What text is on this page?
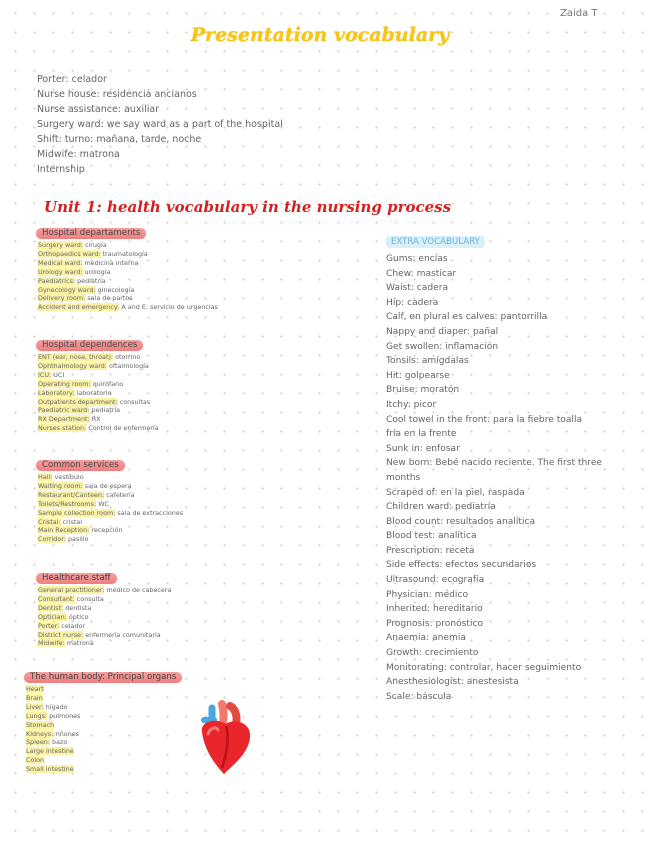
Zaida T
Presentation vocabulary
Porter: celador
Nurse house: residencia ancianos
Nurse assistance: auxiliar
Surgery ward: we say ward as a part of the hospital
Shift: turno: mañana, tarde, noche
Midwife: matrona
Internship
Unit 1: health vocabulary in the nursing process
Hospital departaments
Surgery ward: cirugía
Orthopaedics ward: traumatología
Medical ward: medicina interna
Urology ward: urología
Paediatrics: pediatría
Gynecology ward: ginecología
Delivery room: sala de partos
Accident and emergency: A and E: servicio de urgencias
Hospital dependences
ENT (ear, nose, throat): otorrino
Ophthalmology ward: oftalmología
ICU: UCI
Operating room: quirófano
Laboratory: laboratorio
Outpatients department: consultas
Paediatric ward: pediatría
RX Department: RX
Nurses station: Control de enfermería
Common services
Hall: vestíbulo
Waiting room: sala de espera
Restaurant/Canteen: cafetería
Toilets/Restrooms: WC
Sample collection room: sala de extracciones
Cristal: cristal
Main Reception: recepción
Corridor: pasillo
Healthcare staff
General practitioner: médico de cabecera
Consultant: consulta
Dentist: dentista
Optician: óptico
Porter: celador
District nurse: enfermería comunitaria
Midwife: matrona
The human body: Principal organs
Heart
Brain
Liver: hígado
Lungs: pulmones
Stomach
Kidneys: riñones
Spleen: bazo
Large intestine
Colon
Small intestine
EXTRA VOCABULARY
Gums: encías
Chew: masticar
Waist: cadera
Hip: cadera
Calf, en plural es calves: pantorrilla
Nappy and diaper: pañal
Get swollen: inflamación
Tonsils: amígdalas
Hit: golpearse
Bruise: moratón
Itchy: picor
Cool towel in the front: para la fiebre toalla
fría en la frente
Sunk in: enfosar
New born: Bebé nacido reciente. The first three
months
Scraped of: en la piel, raspada
Children ward: pediatría
Blood count: resultados analítica
Blood test: analítica
Prescription: receta
Side effects: efectos secundarios
Ultrasound: ecografía
Physician: médico
Inherited: hereditario
Prognosis: pronóstico
Anaemia: anemia
Growth: crecimiento
Monitorating: controlar, hacer seguimiento
Anesthesiologist: anestesista
Scale: báscula
